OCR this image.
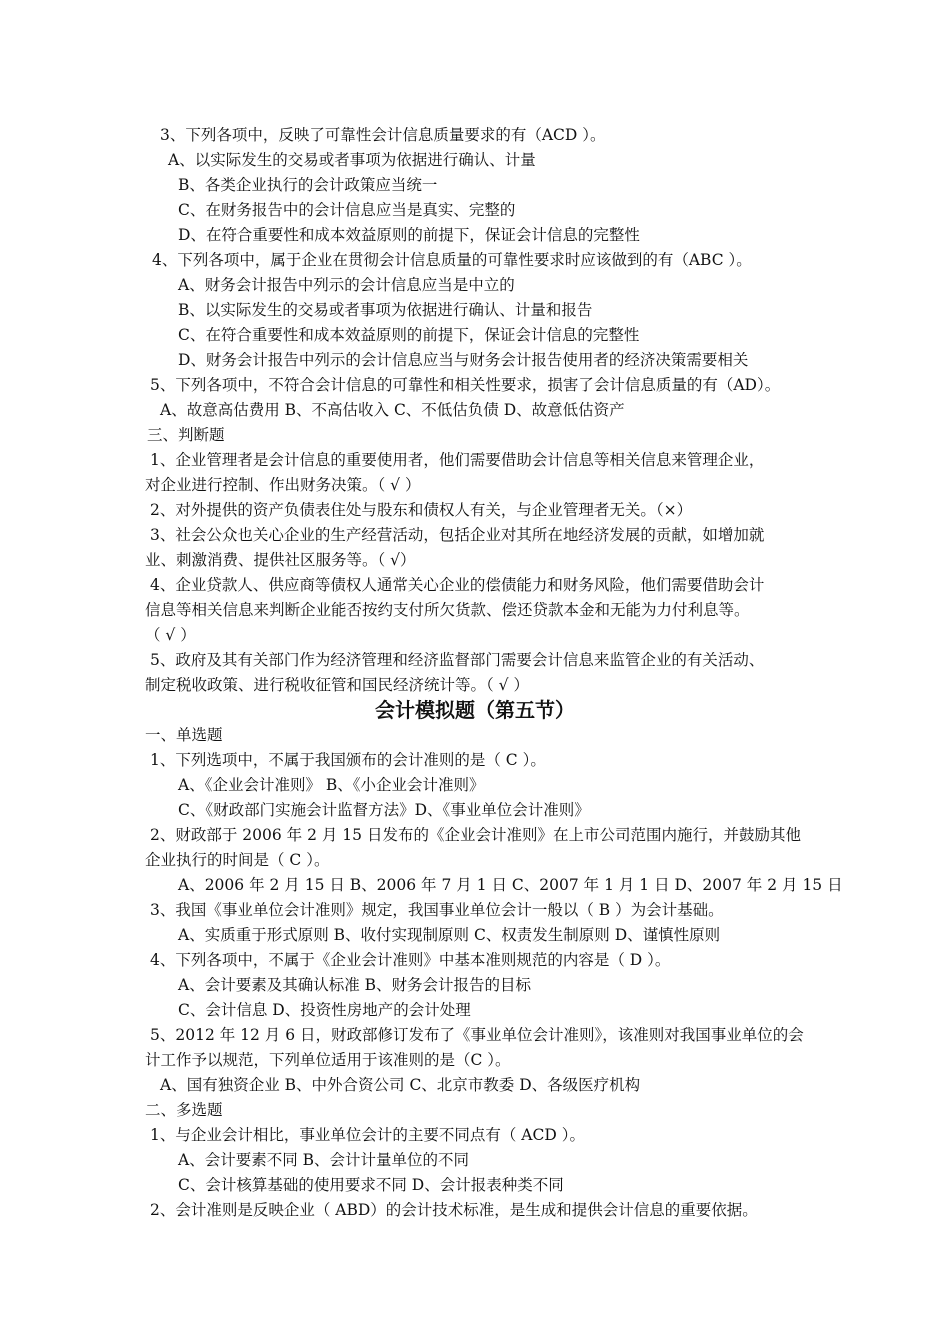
3、下列各项中，反映了可靠性会计信息质量要求的有（ACD ）。
A、以实际发生的交易或者事项为依据进行确认、计量
B、各类企业执行的会计政策应当统一
C、在财务报告中的会计信息应当是真实、完整的
D、在符合重要性和成本效益原则的前提下，保证会计信息的完整性
4、下列各项中，属于企业在贯彻会计信息质量的可靠性要求时应该做到的有（ABC ）。
A、财务会计报告中列示的会计信息应当是中立的
B、以实际发生的交易或者事项为依据进行确认、计量和报告
C、在符合重要性和成本效益原则的前提下，保证会计信息的完整性
D、财务会计报告中列示的会计信息应当与财务会计报告使用者的经济决策需要相关
5、下列各项中，不符合会计信息的可靠性和相关性要求，损害了会计信息质量的有（AD）。
A、故意高估费用 B、不高估收入 C、不低估负债 D、故意低估资产
三、判断题
1、企业管理者是会计信息的重要使用者，他们需要借助会计信息等相关信息来管理企业，
对企业进行控制、作出财务决策。（ √ ）
2、对外提供的资产负债表住处与股东和债权人有关，与企业管理者无关。（×）
3、社会公众也关心企业的生产经营活动，包括企业对其所在地经济发展的贡献，如增加就
业、刺激消费、提供社区服务等。（ √）
4、企业贷款人、供应商等债权人通常关心企业的偿债能力和财务风险，他们需要借助会计
信息等相关信息来判断企业能否按约支付所欠货款、偿还贷款本金和无能为力付利息等。
（ √ ）
5、政府及其有关部门作为经济管理和经济监督部门需要会计信息来监管企业的有关活动、
制定税收政策、进行税收征管和国民经济统计等。（ √ ）
会计模拟题（第五节）
一、单选题
1、下列选项中，不属于我国颁布的会计准则的是（ C ）。
A、《企业会计准则》 B、《小企业会计准则》
C、《财政部门实施会计监督方法》D、《事业单位会计准则》
2、财政部于 2006 年 2 月 15 日发布的《企业会计准则》在上市公司范围内施行，并鼓励其他
企业执行的时间是（ C ）。
A、2006 年 2 月 15 日 B、2006 年 7 月 1 日 C、2007 年 1 月 1 日 D、2007 年 2 月 15 日
3、我国《事业单位会计准则》规定，我国事业单位会计一般以（ B ）为会计基础。
A、实质重于形式原则 B、收付实现制原则 C、权责发生制原则 D、谨慎性原则
4、下列各项中，不属于《企业会计准则》中基本准则规范的内容是（ D ）。
A、会计要素及其确认标准 B、财务会计报告的目标
C、会计信息 D、投资性房地产的会计处理
5、2012 年 12 月 6 日，财政部修订发布了《事业单位会计准则》，该准则对我国事业单位的会
计工作予以规范，下列单位适用于该准则的是（C ）。
A、国有独资企业 B、中外合资公司 C、北京市教委 D、各级医疗机构
二、多选题
1、与企业会计相比，事业单位会计的主要不同点有（ ACD ）。
A、会计要素不同 B、会计计量单位的不同
C、会计核算基础的使用要求不同 D、会计报表种类不同
2、会计准则是反映企业（ ABD）的会计技术标准，是生成和提供会计信息的重要依据。
